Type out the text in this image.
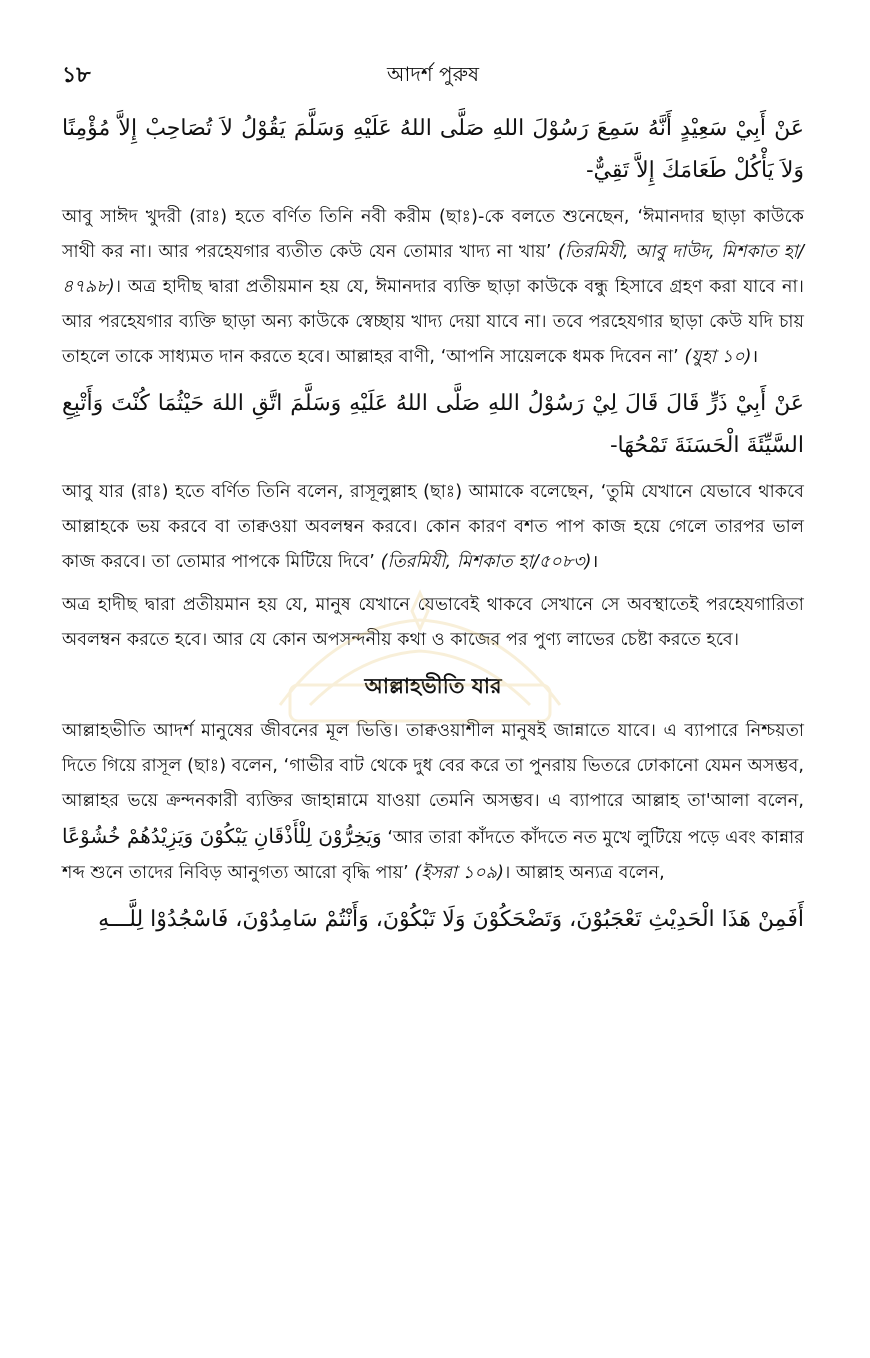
১৮	আদর্শ পুরুষ

عَنْ أَبِيْ سَعِيْدٍ أَنَّهُ سَمِعَ رَسُوْلَ اللهِ صَلَّى اللهُ عَلَيْهِ وَسَلَّمَ يَقُوْلُ لاَ تُصَاحِبْ إِلاَّ مُؤْمِنًا وَلاَ يَأْكُلْ طَعَامَكَ إِلاَّ تَقِيٌّ-

আবু সাঈদ খুদরী (রাঃ) হতে বর্ণিত তিনি নবী করীম (ছাঃ)-কে বলতে শুনেছেন, ‘ঈমানদার ছাড়া কাউকে সাথী কর না। আর পরহেযগার ব্যতীত কেউ যেন তোমার খাদ্য না খায়’ (তিরমিযী, আবু দাউদ, মিশকাত হা/৪৭৯৮)। অত্র হাদীছ দ্বারা প্রতীয়মান হয় যে, ঈমানদার ব্যক্তি ছাড়া কাউকে বন্ধু হিসাবে গ্রহণ করা যাবে না। আর পরহেযগার ব্যক্তি ছাড়া অন্য কাউকে স্বেচ্ছায় খাদ্য দেয়া যাবে না। তবে পরহেযগার ছাড়া কেউ যদি চায় তাহলে তাকে সাধ্যমত দান করতে হবে। আল্লাহর বাণী, ‘আপনি সায়েলকে ধমক দিবেন না’ (যুহা ১০)।

عَنْ أَبِيْ ذَرٍّ قَالَ قَالَ لِيْ رَسُوْلُ اللهِ صَلَّى اللهُ عَلَيْهِ وَسَلَّمَ اتَّقِ اللهَ حَيْثُمَا كُنْتَ وَأَتْبِعِ السَّيِّئَةَ الْحَسَنَةَ تَمْحُهَا-

আবু যার (রাঃ) হতে বর্ণিত তিনি বলেন, রাসূলুল্লাহ (ছাঃ) আমাকে বলেছেন, ‘তুমি যেখানে যেভাবে থাকবে আল্লাহকে ভয় করবে বা তাক্বওয়া অবলম্বন করবে। কোন কারণ বশত পাপ কাজ হয়ে গেলে তারপর ভাল কাজ করবে। তা তোমার পাপকে মিটিয়ে দিবে’ (তিরমিযী, মিশকাত হা/৫০৮৩)।

অত্র হাদীছ দ্বারা প্রতীয়মান হয় যে, মানুষ যেখানে যেভাবেই থাকবে সেখানে সে অবস্থাতেই পরহেযগারিতা অবলম্বন করতে হবে। আর যে কোন অপসন্দনীয় কথা ও কাজের পর পুণ্য লাভের চেষ্টা করতে হবে।

আল্লাহভীতি যার

আল্লাহভীতি আদর্শ মানুষের জীবনের মূল ভিত্তি। তাক্বওয়াশীল মানুষই জান্নাতে যাবে। এ ব্যাপারে নিশ্চয়তা দিতে গিয়ে রাসূল (ছাঃ) বলেন, ‘গাভীর বাট থেকে দুধ বের করে তা পুনরায় ভিতরে ঢোকানো যেমন অসম্ভব, আল্লাহর ভয়ে ক্রন্দনকারী ব্যক্তির জাহান্নামে যাওয়া তেমনি অসম্ভব। এ ব্যাপারে আল্লাহ তা'আলা বলেন, وَيَخِرُّوْنَ لِلْأَذْقَانِ يَبْكُوْنَ وَيَزِيْدُهُمْ خُشُوْعًا ‘আর তারা কাঁদতে কাঁদতে নত মুখে লুটিয়ে পড়ে এবং কান্নার শব্দ শুনে তাদের নিবিড় আনুগত্য আরো বৃদ্ধি পায়’ (ইসরা ১০৯)। আল্লাহ অন্যত্র বলেন,

أَفَمِنْ هَذَا الْحَدِيْثِ تَعْجَبُوْنَ، وَتَضْحَكُوْنَ وَلَا تَبْكُوْنَ، وَأَنْتُمْ سَامِدُوْنَ، فَاسْجُدُوْا لِلَّـــهِ
